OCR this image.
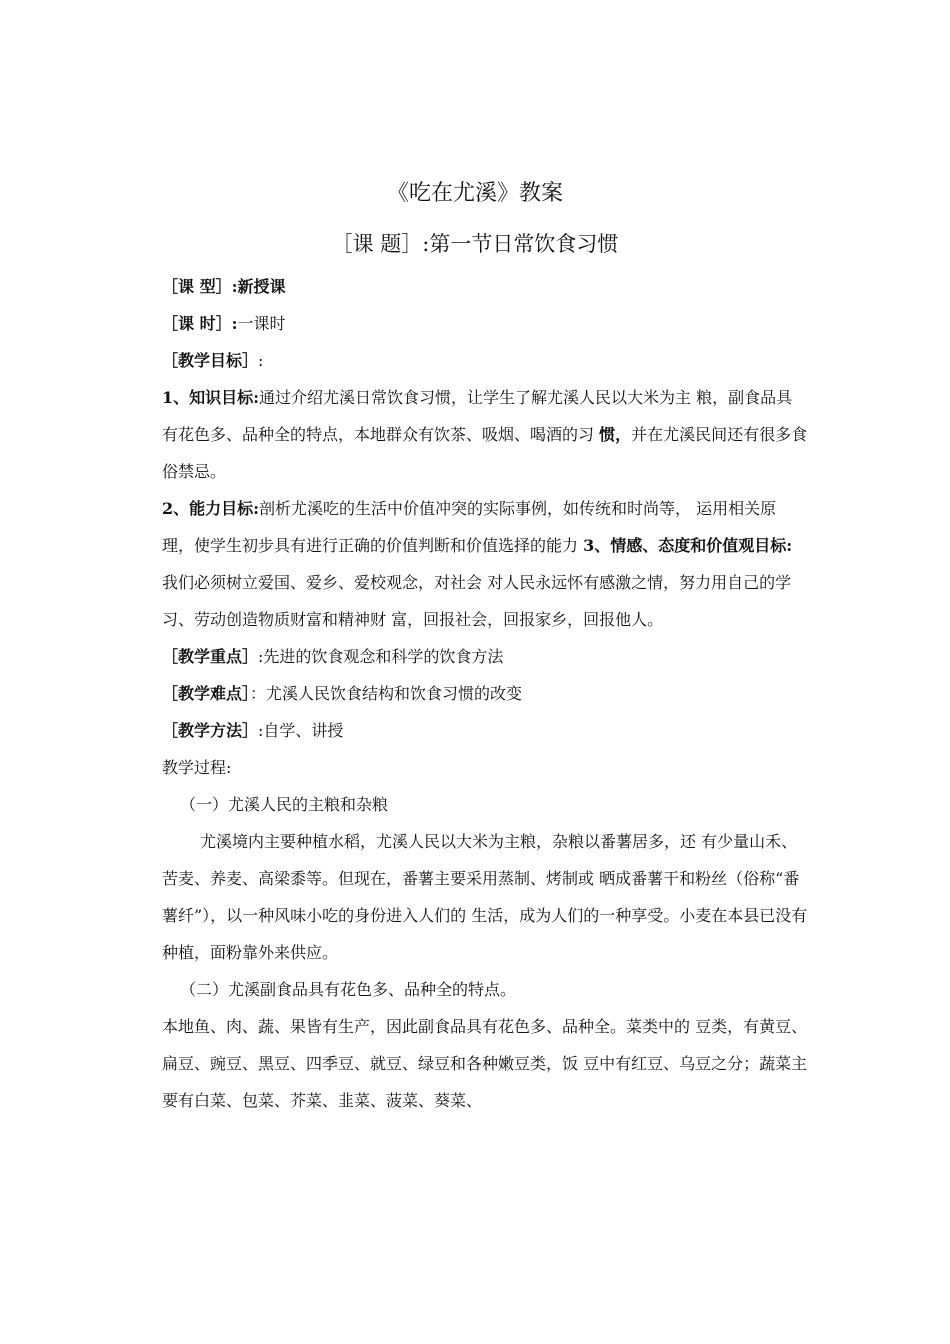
《吃在尤溪》教案
［课 题］:第一节日常饮食习惯

［课 型］:新授课

［课 时］:一课时

［教学目标］:

1、知识目标:通过介绍尤溪日常饮食习惯，让学生了解尤溪人民以大米为主 粮，副食品具有花色多、品种全的特点，本地群众有饮茶、吸烟、喝酒的习 惯，并在尤溪民间还有很多食俗禁忌。

2、能力目标:剖析尤溪吃的生活中价值冲突的实际事例，如传统和时尚等， 运用相关原理，使学生初步具有进行正确的价值判断和价值选择的能力 3、情感、态度和价值观目标:我们必须树立爱国、爱乡、爱校观念，对社会 对人民永远怀有感激之情，努力用自己的学习、劳动创造物质财富和精神财 富，回报社会，回报家乡，回报他人。

［教学重点］:先进的饮食观念和科学的饮食方法

［教学难点］：尤溪人民饮食结构和饮食习惯的改变

［教学方法］:自学、讲授

教学过程:

（一）尤溪人民的主粮和杂粮

尤溪境内主要种植水稻，尤溪人民以大米为主粮，杂粮以番薯居多，还 有少量山禾、苦麦、养麦、高梁黍等。但现在，番薯主要采用蒸制、烤制或 晒成番薯干和粉丝（俗称“番薯纤”），以一种风味小吃的身份进入人们的 生活，成为人们的一种享受。小麦在本县已没有种植，面粉靠外来供应。

（二）尤溪副食品具有花色多、品种全的特点。

本地鱼、肉、蔬、果皆有生产，因此副食品具有花色多、品种全。菜类中的 豆类，有黄豆、扁豆、豌豆、黑豆、四季豆、就豆、绿豆和各种嫩豆类，饭 豆中有红豆、乌豆之分；蔬菜主要有白菜、包菜、芥菜、韭菜、菠菜、葵菜、
